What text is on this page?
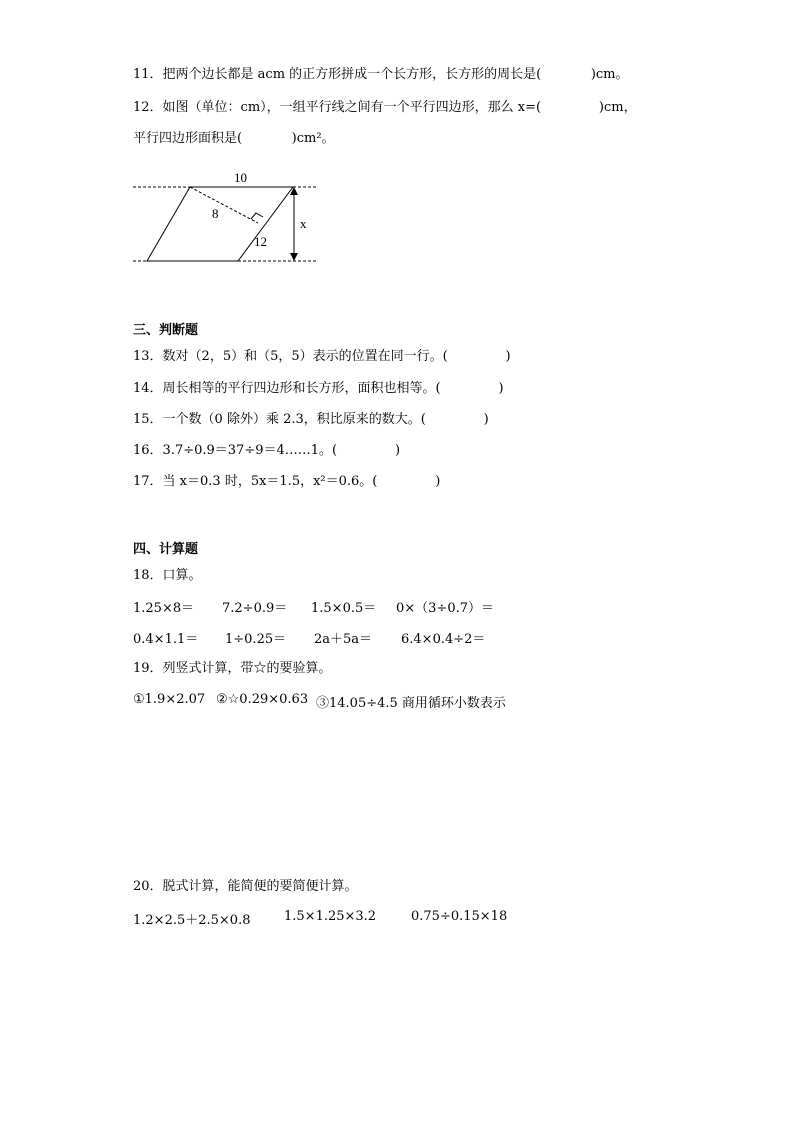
11．把两个边长都是 acm 的正方形拼成一个长方形，长方形的周长是(            )cm。
12．如图（单位：cm），一组平行线之间有一个平行四边形，那么 x=(              )cm，
平行四边形面积是(            )cm²。
10
8
12
x
三、判断题
13．数对（2，5）和（5，5）表示的位置在同一行。(              )
14．周长相等的平行四边形和长方形，面积也相等。(              )
15．一个数（0 除外）乘 2.3，积比原来的数大。(              )
16．3.7÷0.9＝37÷9＝4……1。(              )
17．当 x＝0.3 时，5x＝1.5，x²＝0.6。(              )
四、计算题
18．口算。
1.25×8＝ 7.2÷0.9＝ 1.5×0.5＝ 0×（3÷0.7）＝
0.4×1.1＝ 1÷0.25＝ 2a＋5a＝ 6.4×0.4÷2＝
19．列竖式计算，带☆的要验算。
①1.9×2.07 ②☆0.29×0.63 ③14.05÷4.5 商用循环小数表示
20．脱式计算，能简便的要简便计算。
1.2×2.5＋2.5×0.8	1.5×1.25×3.2	0.75÷0.15×18
